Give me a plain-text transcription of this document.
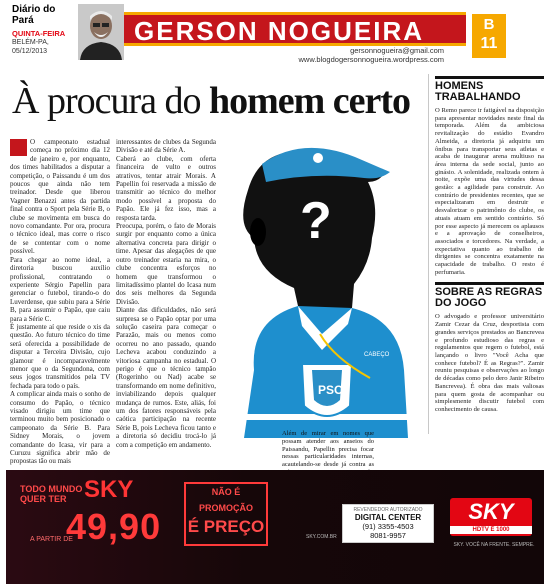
Diário do Pará
QUINTA-FEIRA
BELÉM-PA,
05/12/2013
GERSON NOGUEIRA
gersonnogueira@gmail.com
www.blogdogersonnogueira.wordpress.com
B
11
À procura do homem certo

O campeonato estadual começa no próximo dia 12 de janeiro e, por enquanto, dos times habilitados a disputar a competição, o Paissandu é um dos poucos que ainda não tem treinador. Desde que liberou Vagner Benazzi antes da partida final contra o Sport pela Série B, o clube se movimenta em busca do novo comandante. Por ora, procura o técnico ideal, mas corre o risco de se contentar com o nome possível.

Para chegar ao nome ideal, a diretoria buscou auxílio profissional, contratando o experiente Sérgio Papellin para gerenciar o futebol, tirando-o do Luverdense, que subiu para a Série B, para assumir o Papão, que caiu para a Série C.

É justamente aí que reside o xis da questão. Ao futuro técnico do time será oferecida a possibilidade de disputar a Terceira Divisão, cujo glamour é incomparavelmente menor que o da Segundona, com seus jogos transmitidos pela TV fechada para todo o país.

A complicar ainda mais o sonho de consumo do Papão, o técnico visado dirigiu um time que terminou muito bem posicionado o campeonato da Série B. Para Sidney Morais, o jovem comandante do Icasa, vir para a Curuzu significa abrir mão de propostas tão ou mais

interessantes de clubes da Segunda Divisão e até da Série A.

Caberá ao clube, com oferta financeira de vulto e outros atrativos, tentar atrair Morais. A Papellin foi reservada a missão de transmitir ao técnico do melhor modo possível a proposta do Papão. Ele já fez isso, mas a resposta tarda.

Preocupa, porém, o fato de Morais surgir por enquanto como a única alternativa concreta para dirigir o time. Apesar das alegações de que outro treinador estaria na mira, o clube concentra esforços no homem que transformou o limitadíssimo plantel do Icasa num dos seis melhores da Segunda Divisão.

Diante das dificuldades, não será surpresa se o Papão optar por uma solução caseira para começar o Parazão, mais ou menos como ocorreu no ano passado, quando Lecheva acabou conduzindo a vitoriosa campanha no estadual. O perigo é que o técnico tampão (Rogerinho ou Nad) acabe se transformando em nome definitivo, inviabilizando depois qualquer mudança de rumos. Este, aliás, foi um dos fatores responsáveis pela caótica participação na recente Série B, pois Lecheva ficou tanto e a diretoria só decidiu trocá-lo já com a competição em andamento.

?
PSC
CABEÇO
Além de mirar em nomes que possam atender aos anseios do Paissandu, Papellin precisa focar nessas particularidades internas, acautelando-se desde já contra as
HOMENS TRABALHANDO
O Remo parece ir fatigável na disposição para apresentar novidades neste final da temporada. Além da ambiciosa revitalização do estádio Evandro Almeida, a diretoria já adquiriu um ônibus para transportar seus atletas e acaba de inaugurar arena multiuso na área interna da sede social, junto ao ginásio. A solenidade, realizada ontem à noite, expõe uma das virtudes dessa gestão: a agilidade para construir. Ao contrário de presidentes recentes, que se especializaram em destruir e desvalorizar o patrimônio do clube, os atuais atuam em sentido contrário. Só por esse aspecto já merecem os aplausos e a aprovação de conselheiros, associados e torcedores. Na verdade, a expectativa quanto ao trabalho de dirigentes se concentra exatamente na capacidade de trabalho. O resto é perfumaria.
SOBRE AS REGRAS DO JOGO
O advogado e professor universitário Zamir Cezar da Cruz, desportista com grandes serviços prestados ao Bancrevea e profundo estudioso das regras e regulamentos que regem o futebol, está lançando o livro "Você Acha que conhece futebol? É as Regras?". Zamir reuniu pesquisas e observações ao longo de décadas como pelo dero Janir Ribeiro Bancrevea). É obra das mais valiosas para quem gosta de acompanhar ou simplesmente discutir futebol com conhecimento de causa.
TODO MUNDO
QUER TER SKY
A PARTIR DE
49,90
NÃO É PROMOÇÃO
É PREÇO
SKY.COM.BR
REVENDEDOR AUTORIZADO
DIGITAL CENTER
(91) 3355-4503
8081-9957
SKY
HDTV É 1000
SKY. VOCÊ NA FRENTE. SEMPRE.
